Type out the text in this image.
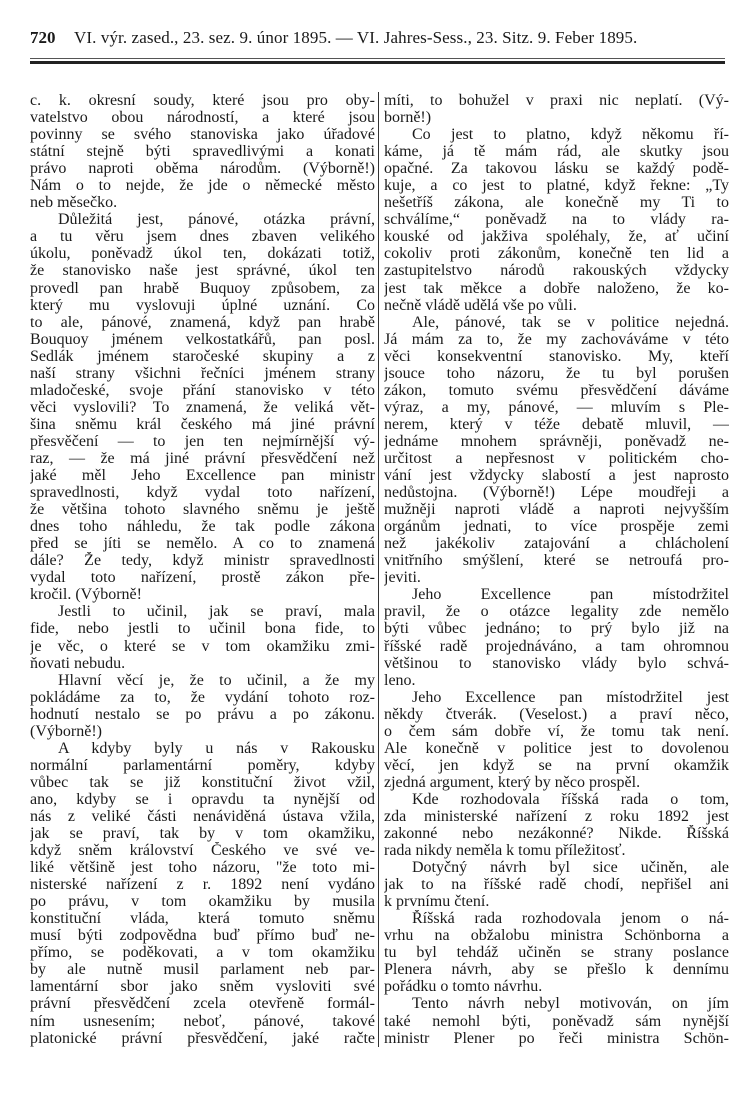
720 VI. výr. zased., 23. sez. 9. únor 1895. — VI. Jahres-Sess., 23. Sitz. 9. Feber 1895.
c. k. okresní soudy, které jsou pro oby-
vatelstvo obou národností, a které jsou
povinny se svého stanoviska jako úřadové
státní stejně býti spravedlivými a konati
právo naproti oběma národům. (Výborně!)
Nám o to nejde, že jde o německé město
neb měsečko.
Důležitá jest, pánové, otázka právní,
a tu věru jsem dnes zbaven velikého
úkolu, poněvadž úkol ten, dokázati totiž,
že stanovisko naše jest správné, úkol ten
provedl pan hrabě Buquoy způsobem, za
který mu vyslovuji úplné uznání. Co
to ale, pánové, znamená, když pan hrabě
Bouquoy jménem velkostatkářů, pan posl.
Sedlák jménem staročeské skupiny a z
naší strany všichni řečníci jménem strany
mladočeské, svoje přání stanovisko v této
věci vyslovili? To znamená, že veliká vět-
šina sněmu král českého má jiné právní
přesvěčení — to jen ten nejmírnější vý-
raz, — že má jiné právní přesvědčení než
jaké měl Jeho Excellence pan ministr
spravedlnosti, když vydal toto nařízení,
že většina tohoto slavného sněmu je ještě
dnes toho náhledu, že tak podle zákona
před se jíti se nemělo. A co to znamená
dále? Že tedy, když ministr spravedlnosti
vydal toto nařízení, prostě zákon pře-
kročil. (Výborně!
Jestli to učinil, jak se praví, mala
fide, nebo jestli to učinil bona fide, to
je věc, o které se v tom okamžiku zmi-
ňovati nebudu.
Hlavní věcí je, že to učinil, a že my
pokládáme za to, že vydání tohoto roz-
hodnutí nestalo se po právu a po zákonu.
(Výborně!)
A kdyby byly u nás v Rakousku
normální parlamentární poměry, kdyby
vůbec tak se již konstituční život vžil,
ano, kdyby se i opravdu ta nynější od
nás z veliké části nenáviděná ústava vžila,
jak se praví, tak by v tom okamžiku,
když sněm království Českého ve své ve-
liké většině jest toho názoru, "že toto mi-
nisterské nařízení z r. 1892 není vydáno
po právu, v tom okamžiku by musila
konstituční vláda, která tomuto sněmu
musí býti zodpovědna buď přímo buď ne-
přímo, se poděkovati, a v tom okamžiku
by ale nutně musil parlament neb par-
lamentární sbor jako sněm vysloviti své
právní přesvědčení zcela otevřeně formál-
ním usnesením; neboť, pánové, takové
platonické právní přesvědčení, jaké račte
míti, to bohužel v praxi nic neplatí. (Vý-
borně!)
Co jest to platno, když někomu ří-
káme, já tě mám rád, ale skutky jsou
opačné. Za takovou lásku se každý podě-
kuje, a co jest to platné, když řekne: „Ty
nešetříš zákona, ale konečně my Ti to
schválíme,“ poněvadž na to vlády ra-
kouské od jakživa spoléhaly, že, ať učiní
cokoliv proti zákonům, konečně ten lid a
zastupitelstvo národů rakouských vždycky
jest tak měkce a dobře naloženo, že ko-
nečně vládě udělá vše po vůli.
Ale, pánové, tak se v politice nejedná.
Já mám za to, že my zachováváme v této
věci konsekventní stanovisko. My, kteří
jsouce toho názoru, že tu byl porušen
zákon, tomuto svému přesvědčení dáváme
výraz, a my, pánové, — mluvím s Ple-
nerem, který v téže debatě mluvil, —
jednáme mnohem správněji, poněvadž ne-
určitost a nepřesnost v politickém cho-
vání jest vždycky slabostí a jest naprosto
nedůstojna. (Výborně!) Lépe moudřeji a
mužněji naproti vládě a naproti nejvyšším
orgánům jednati, to více prospěje zemi
než jakékoliv zatajování a chlácholení
vnitřního smýšlení, které se netroufá pro-
jeviti.
Jeho Excellence pan místodržitel
pravil, že o otázce legality zde nemělo
býti vůbec jednáno; to prý bylo již na
říšské radě projednáváno, a tam ohromnou
většinou to stanovisko vlády bylo schvá-
leno.
Jeho Excellence pan místodržitel jest
někdy čtverák. (Veselost.) a praví něco,
o čem sám dobře ví, že tomu tak není.
Ale konečně v politice jest to dovolenou
věcí, jen když se na první okamžik
zjedná argument, který by něco prospěl.
Kde rozhodovala říšská rada o tom,
zda ministerské nařízení z roku 1892 jest
zakonné nebo nezákonné? Nikde. Říšská
rada nikdy neměla k tomu příležitosť.
Dotyčný návrh byl sice učiněn, ale
jak to na říšské radě chodí, nepřišel ani
k prvnímu čtení.
Říšská rada rozhodovala jenom o ná-
vrhu na obžalobu ministra Schönborna a
tu byl tehdáž učiněn se strany poslance
Plenera návrh, aby se přešlo k dennímu
pořádku o tomto návrhu.
Tento návrh nebyl motivován, on jím
také nemohl býti, poněvadž sám nynější
ministr Plener po řeči ministra Schön-
